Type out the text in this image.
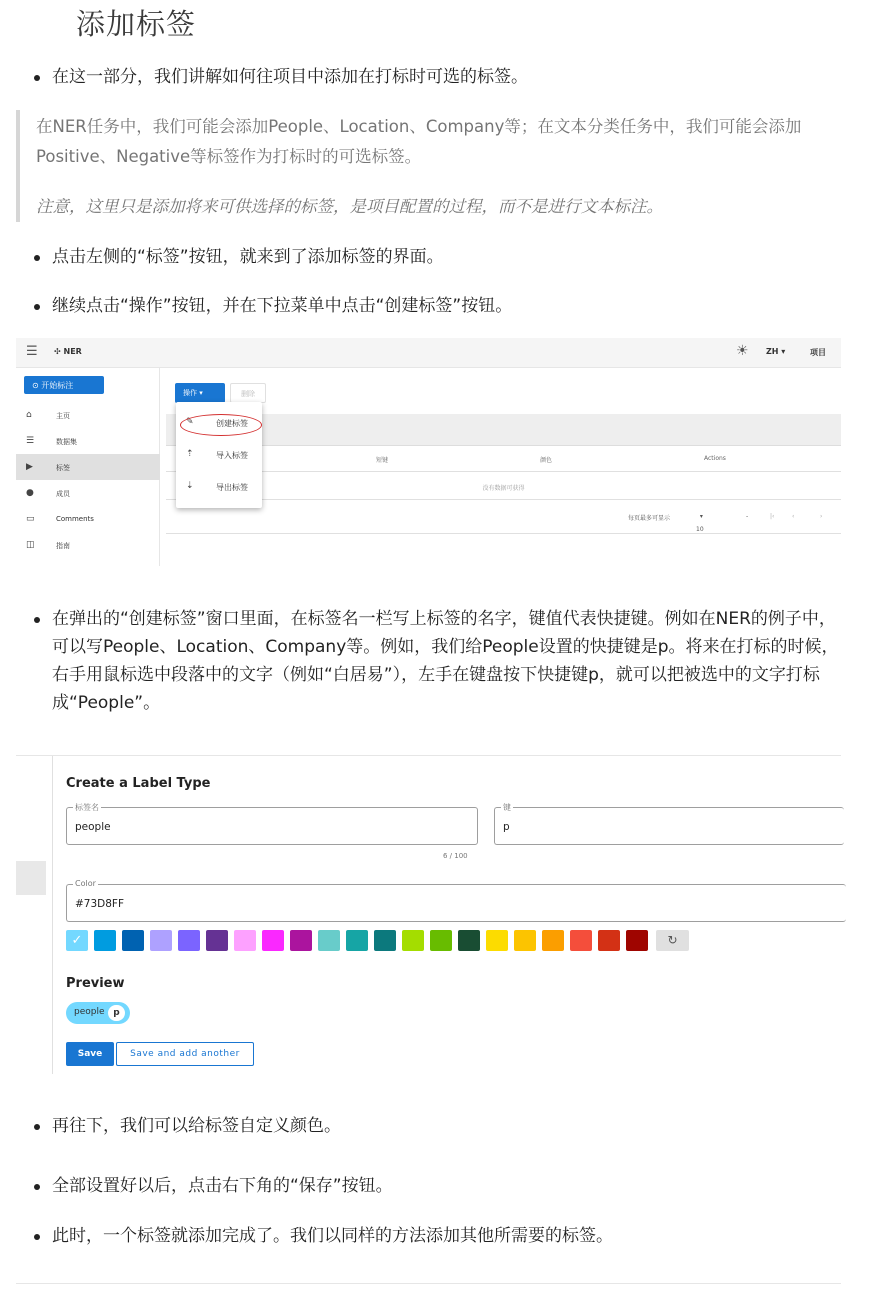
添加标签
在这一部分，我们讲解如何往项目中添加在打标时可选的标签。

在NER任务中，我们可能会添加People、Location、Company等；在文本分类任务中，我们可能会添加Positive、Negative等标签作为打标时的可选标签。

注意，这里只是添加将来可供选择的标签，是项目配置的过程，而不是进行文本标注。

点击左侧的“标签”按钮，就来到了添加标签的界面。
继续点击“操作”按钮，并在下拉菜单中点击“创建标签”按钮。
☰ ✣ NER	☀ ZH ▾	项目
⊙ 开始标注
⌂	主页
☰	数据集
▶	标签
●	成员
▭	Comments
◫	指南
操作 ▾	删除
短键	颜色	Actions
没有数据可获得
每页最多可显示
10
▾	-	|‹	‹	›
✎	创建标签
⇡	导入标签
⇣	导出标签
在弹出的“创建标签”窗口里面，在标签名一栏写上标签的名字，键值代表快捷键。例如在NER的例子中，可以写People、Location、Company等。例如，我们给People设置的快捷键是p。将来在打标的时候，右手用鼠标选中段落中的文字（例如“白居易”），左手在键盘按下快捷键p，就可以把被选中的文字打标成“People”。
Create a Label Type
标签名
people
键
p
6 / 100
Color
#73D8FF
✓	↻
Preview
people p
Save	Save and add another
再往下，我们可以给标签自定义颜色。
全部设置好以后，点击右下角的“保存”按钮。
此时，一个标签就添加完成了。我们以同样的方法添加其他所需要的标签。
